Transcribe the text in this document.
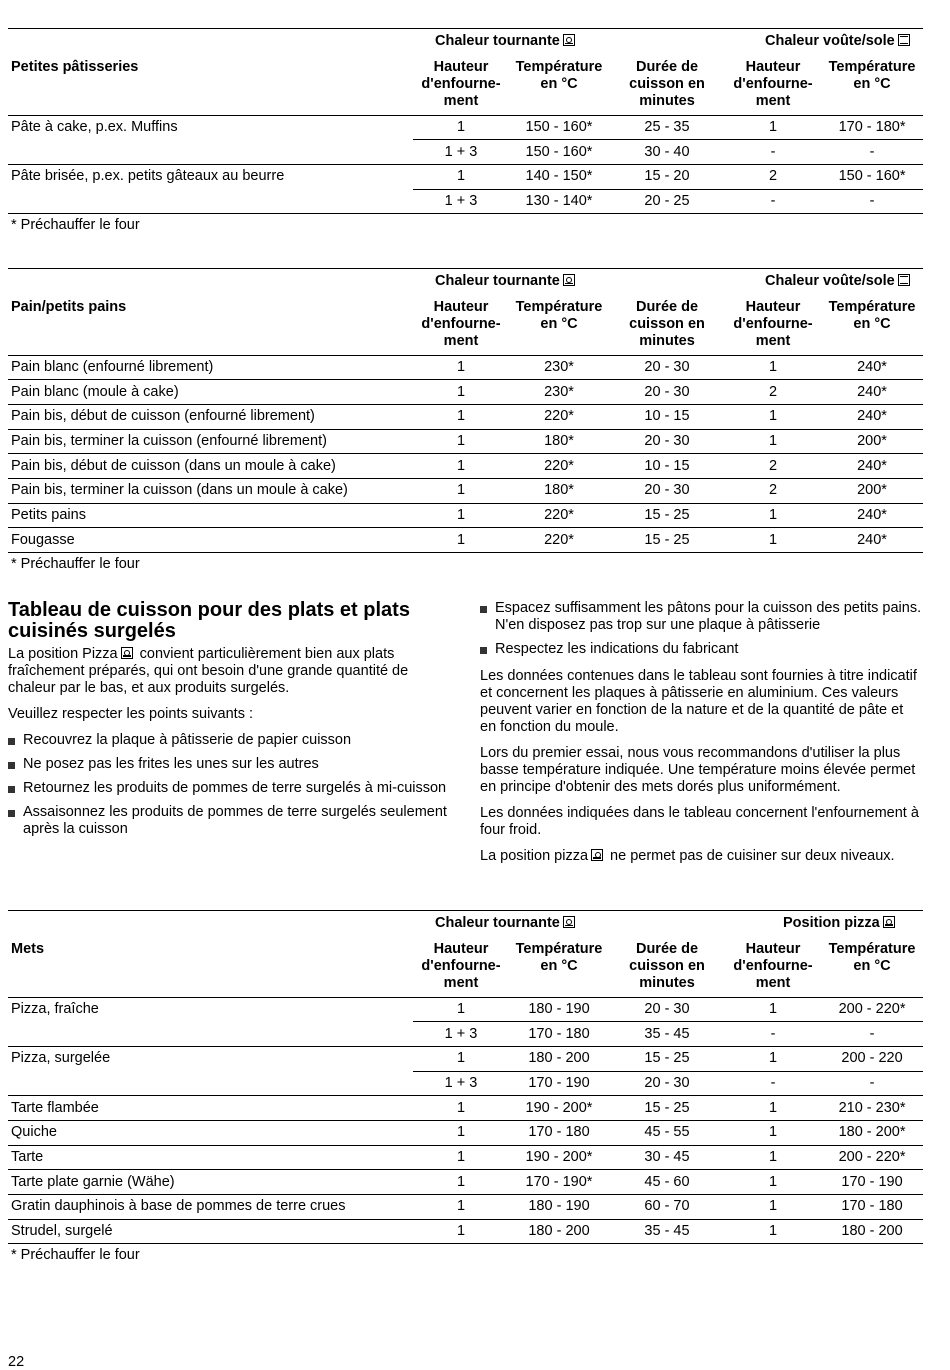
	Chaleur tournante			Chaleur voûte/sole	
Petites pâtisseries	Hauteur d'enfourne-ment	Température en °C	Durée de cuisson en minutes	Hauteur d'enfourne-ment	Température en °C
Pâte à cake, p.ex. Muffins	1	150 - 160*	25 - 35	1	170 - 180*
	1 + 3	150 - 160*	30 - 40	-	-
Pâte brisée, p.ex. petits gâteaux au beurre	1	140 - 150*	15 - 20	2	150 - 160*
	1 + 3	130 - 140*	20 - 25	-	-
* Préchauffer le four
	Chaleur tournante			Chaleur voûte/sole	
Pain/petits pains	Hauteur d'enfourne-ment	Température en °C	Durée de cuisson en minutes	Hauteur d'enfourne-ment	Température en °C
Pain blanc (enfourné librement)	1	230*	20 - 30	1	240*
Pain blanc (moule à cake)	1	230*	20 - 30	2	240*
Pain bis, début de cuisson (enfourné librement)	1	220*	10 - 15	1	240*
Pain bis, terminer la cuisson (enfourné librement)	1	180*	20 - 30	1	200*
Pain bis, début de cuisson (dans un moule à cake)	1	220*	10 - 15	2	240*
Pain bis, terminer la cuisson (dans un moule à cake)	1	180*	20 - 30	2	200*
Petits pains	1	220*	15 - 25	1	240*
Fougasse	1	220*	15 - 25	1	240*
* Préchauffer le four
Tableau de cuisson pour des plats et plats cuisinés surgelés

La position Pizza convient particulièrement bien aux plats fraîchement préparés, qui ont besoin d'une grande quantité de chaleur par le bas, et aux produits surgelés.

Veuillez respecter les points suivants :

Recouvrez la plaque à pâtisserie de papier cuisson
Ne posez pas les frites les unes sur les autres
Retournez les produits de pommes de terre surgelés à mi-cuisson
Assaisonnez les produits de pommes de terre surgelés seulement après la cuisson
Espacez suffisamment les pâtons pour la cuisson des petits pains. N'en disposez pas trop sur une plaque à pâtisserie
Respectez les indications du fabricant

Les données contenues dans le tableau sont fournies à titre indicatif et concernent les plaques à pâtisserie en aluminium. Ces valeurs peuvent varier en fonction de la nature et de la quantité de pâte et en fonction du moule.

Lors du premier essai, nous vous recommandons d'utiliser la plus basse température indiquée. Une température moins élevée permet en principe d'obtenir des mets dorés plus uniformément.

Les données indiquées dans le tableau concernent l'enfournement à four froid.

La position pizza ne permet pas de cuisiner sur deux niveaux.

	Chaleur tournante			Position pizza	
Mets	Hauteur d'enfourne-ment	Température en °C	Durée de cuisson en minutes	Hauteur d'enfourne-ment	Température en °C
Pizza, fraîche	1	180 - 190	20 - 30	1	200 - 220*
	1 + 3	170 - 180	35 - 45	-	-
Pizza, surgelée	1	180 - 200	15 - 25	1	200 - 220
	1 + 3	170 - 190	20 - 30	-	-
Tarte flambée	1	190 - 200*	15 - 25	1	210 - 230*
Quiche	1	170 - 180	45 - 55	1	180 - 200*
Tarte	1	190 - 200*	30 - 45	1	200 - 220*
Tarte plate garnie (Wähe)	1	170 - 190*	45 - 60	1	170 - 190
Gratin dauphinois à base de pommes de terre crues	1	180 - 190	60 - 70	1	170 - 180
Strudel, surgelé	1	180 - 200	35 - 45	1	180 - 200
* Préchauffer le four
22
